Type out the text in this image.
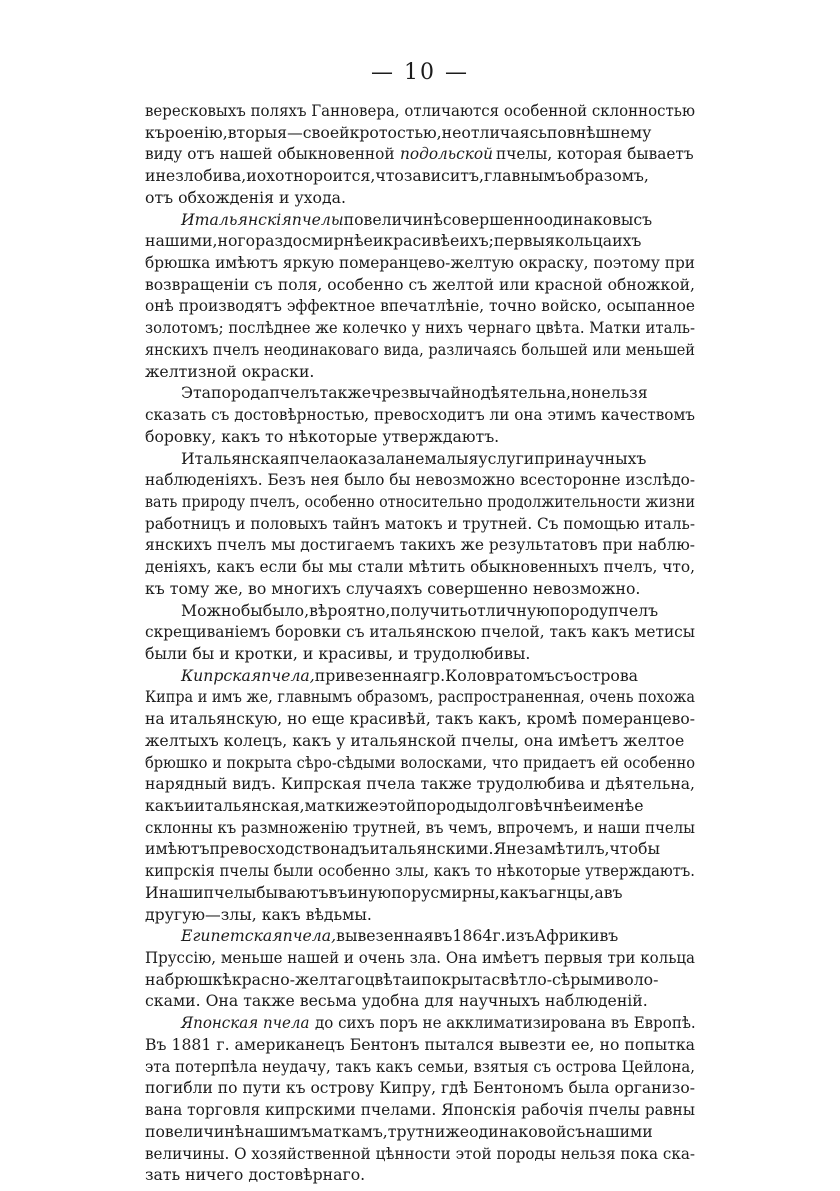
— 10 —
вересковыхъ поляхъ Ганновера, отличаются особенной склонностью
къ роенію, вторыя—своей кротостью, не отличаясь по внѣшнему
виду отъ нашей обыкновенной подольской пчелы, которая бываетъ
и незлобива, и охотно роится, что зависитъ, главнымъ образомъ,
отъ обхожденія и ухода.
Итальянскія пчелы по величинѣ совершенно одинаковы съ
нашими, но гораздо смирнѣе и красивѣе ихъ; первыя кольца ихъ
брюшка имѣютъ яркую померанцево-желтую окраску, поэтому при
возвращеніи съ поля, особенно съ желтой или красной обножкой,
онѣ производятъ эффектное впечатлѣніе, точно войско, осыпанное
золотомъ; послѣднее же колечко у нихъ чернаго цвѣта. Матки италь-
янскихъ пчелъ неодинаковаго вида, различаясь большей или меньшей
желтизной окраски.
Эта порода пчелъ также чрезвычайно дѣятельна, но нельзя
сказать съ достовѣрностью, превосходитъ ли она этимъ качествомъ
боровку, какъ то нѣкоторые утверждаютъ.
Итальянская пчела оказала немалыя услуги при научныхъ
наблюденіяхъ. Безъ нея было бы невозможно всесторонне изслѣдо-
вать природу пчелъ, особенно относительно продолжительности жизни
работницъ и половыхъ тайнъ матокъ и трутней. Съ помощью италь-
янскихъ пчелъ мы достигаемъ такихъ же результатовъ при наблю-
деніяхъ, какъ если бы мы стали мѣтить обыкновенныхъ пчелъ, что,
къ тому же, во многихъ случаяхъ совершенно невозможно.
Можно бы было, вѣроятно, получить отличную породу пчелъ
скрещиваніемъ боровки съ итальянскою пчелой, такъ какъ метисы
были бы и кротки, и красивы, и трудолюбивы.
Кипрская пчела, привезенная гр. Коловратомъ съ острова
Кипра и имъ же, главнымъ образомъ, распространенная, очень похожа
на итальянскую, но еще красивѣй, такъ какъ, кромѣ померанцево-
желтыхъ колецъ, какъ у итальянской пчелы, она имѣетъ желтое
брюшко и покрыта сѣро-сѣдыми волосками, что придаетъ ей особенно
нарядный видъ. Кипрская пчела также трудолюбива и дѣятельна,
какъ и итальянская, матки же этой породы долговѣчнѣе и менѣе
склонны къ размноженію трутней, въ чемъ, впрочемъ, и наши пчелы
имѣютъ превосходство надъ итальянскими. Я не замѣтилъ, чтобы
кипрскія пчелы были особенно злы, какъ то нѣкоторые утверждаютъ.
И наши пчелы бываютъ въ иную пору смирны, какъ агнцы, а въ
другую—злы, какъ вѣдьмы.
Египетская пчела, вывезенная въ 1864 г. изъ Африки въ
Пруссію, меньше нашей и очень зла. Она имѣетъ первыя три кольца
на брюшкѣ красно-желтаго цвѣта и покрыта свѣтло-сѣрыми воло-
сками. Она также весьма удобна для научныхъ наблюденій.
Японская пчела до сихъ поръ не акклиматизирована въ Европѣ.
Въ 1881 г. американецъ Бентонъ пытался вывезти ее, но попытка
эта потерпѣла неудачу, такъ какъ семьи, взятыя съ острова Цейлона,
погибли по пути къ острову Кипру, гдѣ Бентономъ была организо-
вана торговля кипрскими пчелами. Японскія рабочія пчелы равны
по величинѣ нашимъ маткамъ, трутни же одинаковой съ нашими
величины. О хозяйственной цѣнности этой породы нельзя пока ска-
зать ничего достовѣрнаго.
